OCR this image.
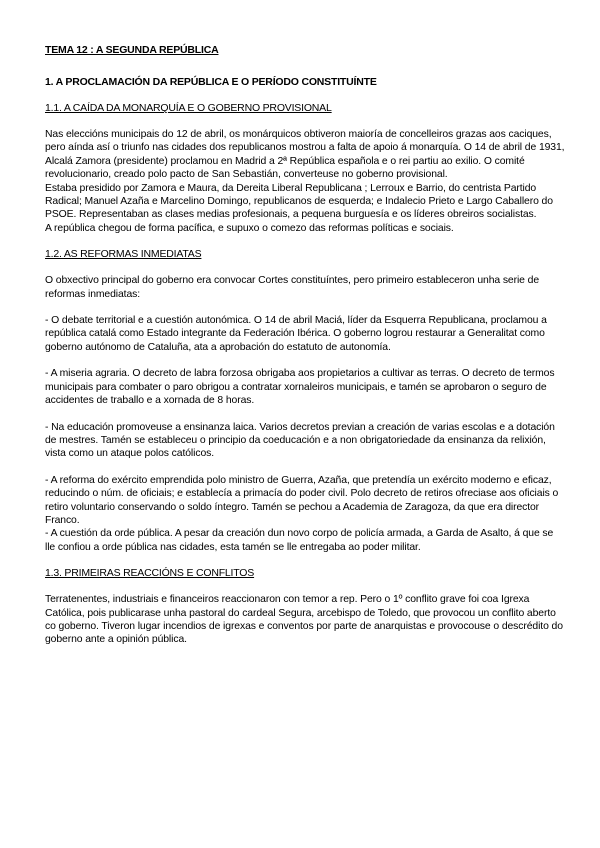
TEMA 12 : A SEGUNDA REPÚBLICA
1. A PROCLAMACIÓN DA REPÚBLICA E O PERÍODO CONSTITUÍNTE
1.1. A CAÍDA DA MONARQUÍA E O GOBERNO PROVISIONAL

Nas eleccións municipais do 12 de abril, os monárquicos obtiveron maioría de concelleiros grazas aos caciques, pero aínda así o triunfo nas cidades dos republicanos mostrou a falta de apoio á monarquía. O 14 de abril de 1931, Alcalá Zamora (presidente) proclamou en Madrid a 2ª República española e o rei partiu ao exilio. O comité revolucionario, creado polo pacto de San Sebastián, converteuse no goberno provisional.

Estaba presidido por Zamora e Maura, da Dereita Liberal Republicana ; Lerroux e Barrio, do centrista Partido Radical; Manuel Azaña e Marcelino Domingo, republicanos de esquerda; e Indalecio Prieto e Largo Caballero do PSOE. Representaban as clases medias profesionais, a pequena burguesía e os líderes obreiros socialistas.

A república chegou de forma pacífica, e supuxo o comezo das reformas políticas e sociais.

1.2. AS REFORMAS INMEDIATAS

O obxectivo principal do goberno era convocar Cortes constituíntes, pero primeiro estableceron unha serie de reformas inmediatas:

- O debate territorial e a cuestión autonómica. O 14 de abril Maciá, líder da Esquerra Republicana, proclamou a república catalá como Estado integrante da Federación Ibérica. O goberno logrou restaurar a Generalitat como goberno autónomo de Cataluña, ata a aprobación do estatuto de autonomía.

- A miseria agraria. O decreto de labra forzosa obrigaba aos propietarios a cultivar as terras. O decreto de termos municipais para combater o paro obrigou a contratar xornaleiros municipais, e tamén se aprobaron o seguro de accidentes de traballo e a xornada de 8 horas.

- Na educación promoveuse a ensinanza laica. Varios decretos previan a creación de varias escolas e a dotación de mestres. Tamén se estableceu o principio da coeducación e a non obrigatoriedade da ensinanza da relixión, vista como un ataque polos católicos.

- A reforma do exército emprendida polo ministro de Guerra, Azaña, que pretendía un exército moderno e eficaz, reducindo o núm. de oficiais; e establecía a primacía do poder civil. Polo decreto de retiros ofreciase aos oficiais o retiro voluntario conservando o soldo íntegro. Tamén se pechou a Academia de Zaragoza, da que era director Franco.

- A cuestión da orde pública. A pesar da creación dun novo corpo de policía armada, a Garda de Asalto, á que se lle confiou a orde pública nas cidades, esta tamén se lle entregaba ao poder militar.

1.3. PRIMEIRAS REACCIÓNS E CONFLITOS

Terratenentes, industriais e financeiros reaccionaron con temor a rep. Pero o 1º conflito grave foi coa Igrexa Católica, pois publicarase unha pastoral do cardeal Segura, arcebispo de Toledo, que provocou un conflito aberto co goberno. Tiveron lugar incendios de igrexas e conventos por parte de anarquistas e provocouse o descrédito do goberno ante a opinión pública.
